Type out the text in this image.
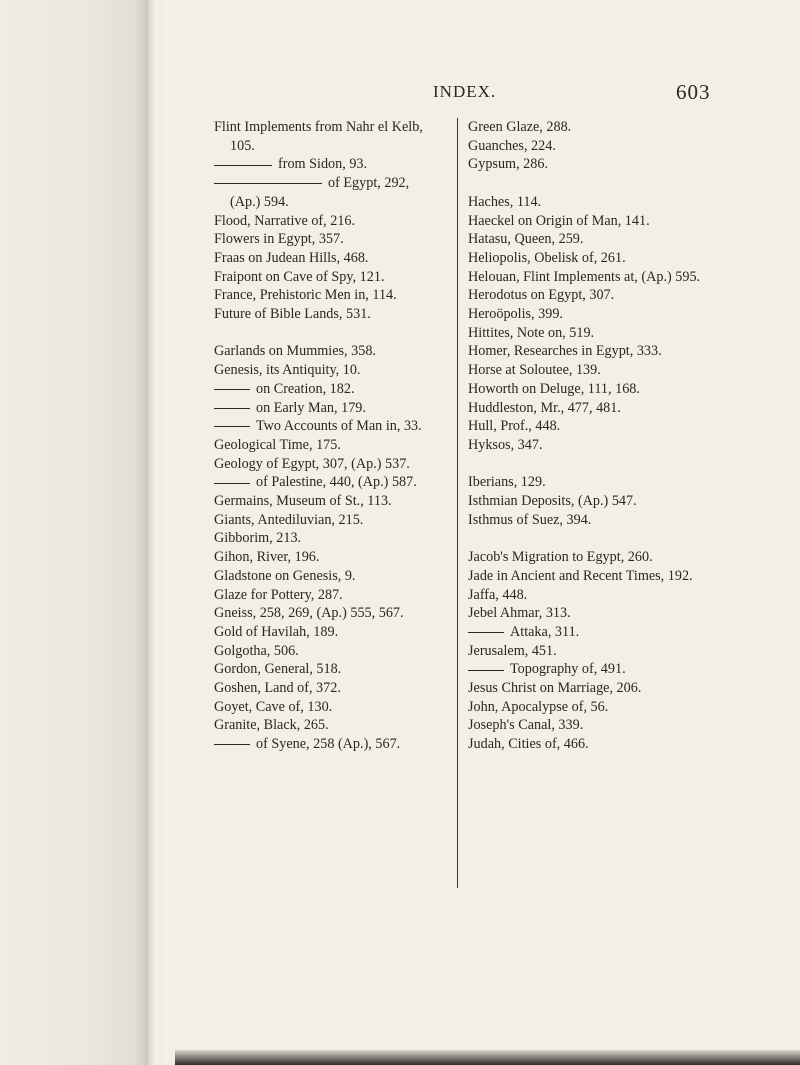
INDEX.	603

Flint Implements from Nahr el Kelb, 105.

from Sidon, 93.

of Egypt, 292, (Ap.) 594.

Flood, Narrative of, 216.

Flowers in Egypt, 357.

Fraas on Judean Hills, 468.

Fraipont on Cave of Spy, 121.

France, Prehistoric Men in, 114.

Future of Bible Lands, 531.

Garlands on Mummies, 358.

Genesis, its Antiquity, 10.

on Creation, 182.

on Early Man, 179.

Two Accounts of Man in, 33.

Geological Time, 175.

Geology of Egypt, 307, (Ap.) 537.

of Palestine, 440, (Ap.) 587.

Germains, Museum of St., 113.

Giants, Antediluvian, 215.

Gibborim, 213.

Gihon, River, 196.

Gladstone on Genesis, 9.

Glaze for Pottery, 287.

Gneiss, 258, 269, (Ap.) 555, 567.

Gold of Havilah, 189.

Golgotha, 506.

Gordon, General, 518.

Goshen, Land of, 372.

Goyet, Cave of, 130.

Granite, Black, 265.

of Syene, 258 (Ap.), 567.

Green Glaze, 288.

Guanches, 224.

Gypsum, 286.

Haches, 114.

Haeckel on Origin of Man, 141.

Hatasu, Queen, 259.

Heliopolis, Obelisk of, 261.

Helouan, Flint Implements at, (Ap.) 595.

Herodotus on Egypt, 307.

Heroöpolis, 399.

Hittites, Note on, 519.

Homer, Researches in Egypt, 333.

Horse at Soloutee, 139.

Howorth on Deluge, 111, 168.

Huddleston, Mr., 477, 481.

Hull, Prof., 448.

Hyksos, 347.

Iberians, 129.

Isthmian Deposits, (Ap.) 547.

Isthmus of Suez, 394.

Jacob's Migration to Egypt, 260.

Jade in Ancient and Recent Times, 192.

Jaffa, 448.

Jebel Ahmar, 313.

Attaka, 311.

Jerusalem, 451.

Topography of, 491.

Jesus Christ on Marriage, 206.

John, Apocalypse of, 56.

Joseph's Canal, 339.

Judah, Cities of, 466.
